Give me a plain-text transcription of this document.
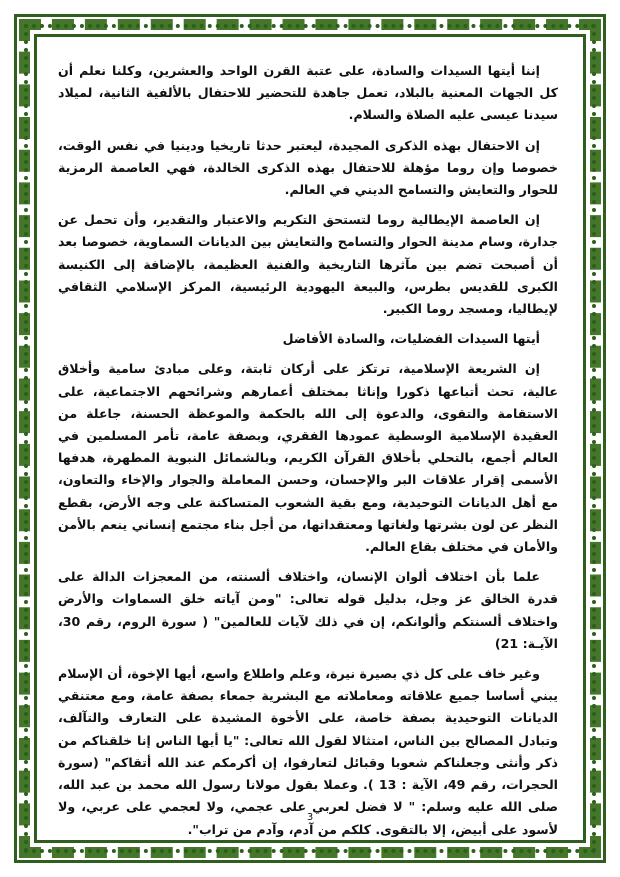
إننا أيتها السيدات والسادة، على عتبة القرن الواحد والعشرين، وكلنا نعلم أن كل الجهات المعنية بالبلاد، تعمل جاهدة للتحضير للاحتفال بالألفية الثانية، لميلاد سيدنا عيسى عليه الصلاة والسلام.

إن الاحتفال بهذه الذكرى المجيدة، ليعتبر حدثا تاريخيا ودينيا في نفس الوقت، خصوصا وإن روما مؤهلة للاحتفال بهذه الذكرى الخالدة، فهي العاصمة الرمزية للحوار والتعايش والتسامح الديني في العالم.

إن العاصمة الإيطالية روما لتستحق التكريم والاعتبار والتقدير، وأن تحمل عن جدارة، وسام مدينة الحوار والتسامح والتعايش بين الديانات السماوية، خصوصا بعد أن أصبحت تضم بين مآثرها التاريخية والفنية العظيمة، بالإضافة إلى الكنيسة الكبرى للقديس بطرس، والبيعة اليهودية الرئيسية، المركز الإسلامي الثقافي لإيطاليا، ومسجد روما الكبير.

أيتها السيدات الفضليات، والسادة الأفاضل

إن الشريعة الإسلامية، ترتكز على أركان ثابتة، وعلى مبادئ سامية وأخلاق عالية، تحث أتباعها ذكورا وإناثا بمختلف أعمارهم وشرائحهم الاجتماعية، على الاستقامة والتقوى، والدعوة إلى الله بالحكمة والموعظة الحسنة، جاعلة من العقيدة الإسلامية الوسطية عمودها الفقري، وبصفة عامة، تأمر المسلمين في العالم أجمع، بالتحلي بأخلاق القرآن الكريم، وبالشمائل النبوية المطهرة، هدفها الأسمى إقرار علاقات البر والإحسان، وحسن المعاملة والجوار والإخاء والتعاون، مع أهل الديانات التوحيدية، ومع بقية الشعوب المتساكنة على وجه الأرض، بقطع النظر عن لون بشرتها ولغاتها ومعتقداتها، من أجل بناء مجتمع إنساني ينعم بالأمن والأمان في مختلف بقاع العالم.

علما بأن اختلاف ألوان الإنسان، واختلاف ألسنته، من المعجزات الدالة على قدرة الخالق عز وجل، بدليل قوله تعالى: "ومن آياته خلق السماوات والأرض واختلاف ألسنتكم وألوانكم، إن في ذلك لآيات للعالمين" ( سورة الروم، رقم 30، الآيـة: 21)

وغير خاف على كل ذي بصيرة نيرة، وعلم واطلاع واسع، أيها الإخوة، أن الإسلام يبني أساسا جميع علاقاته ومعاملاته مع البشرية جمعاء بصفة عامة، ومع معتنقي الديانات التوحيدية بصفة خاصة، على الأخوة المشيدة على التعارف والتآلف، وتبادل المصالح بين الناس، امتثالا لقول الله تعالى: "يا أيها الناس إنا خلقناكم من ذكر وأنثى وجعلناكم شعوبا وقبائل لتعارفوا، إن أكرمكم عند الله أتقاكم" (سورة الحجرات، رقم 49، الآية : 13 ). وعملا بقول مولانا رسول الله محمد بن عبد الله، صلى الله عليه وسلم: " لا فضل لعربي على عجمي، ولا لعجمي على عربي، ولا لأسود على أبيض، إلا بالتقوى. كلكم من آدم، وآدم من تراب".

3
